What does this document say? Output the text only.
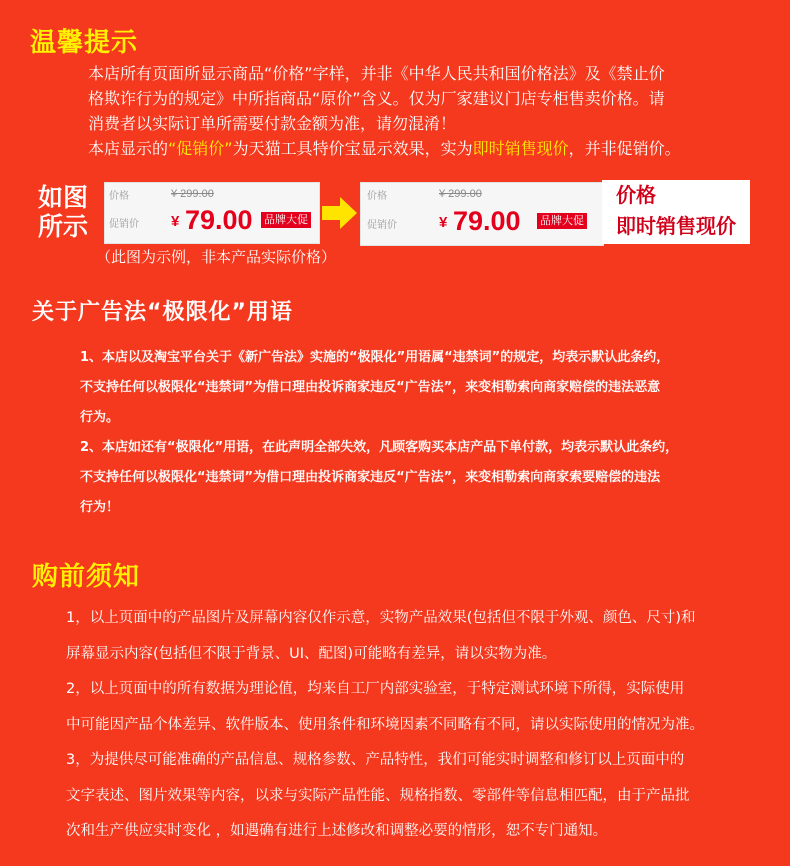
温馨提示
本店所有页面所显示商品“价格”字样，并非《中华人民共和国价格法》及《禁止价
格欺诈行为的规定》中所指商品“原价”含义。仅为厂家建议门店专柜售卖价格。请
消费者以实际订单所需要付款金额为准，请勿混淆！
本店显示的“促销价”为天猫工具特价宝显示效果，实为即时销售现价，并非促销价。
如图
所示
价格	¥ 299.00
促销价 ¥ 79.00 品牌大促
价格	¥ 299.00
促销价	¥ 79.00 品牌大促
价格
即时销售现价
（此图为示例，非本产品实际价格）
关于广告法“极限化”用语
1、本店以及淘宝平台关于《新广告法》实施的“极限化”用语属“违禁词”的规定，均表示默认此条约，
不支持任何以极限化“违禁词”为借口理由投诉商家违反“广告法”，来变相勒索向商家赔偿的违法恶意
行为。
2、本店如还有“极限化”用语，在此声明全部失效，凡顾客购买本店产品下单付款，均表示默认此条约，
不支持任何以极限化“违禁词”为借口理由投诉商家违反“广告法”，来变相勒索向商家索要赔偿的违法
行为！
购前须知
1，以上页面中的产品图片及屏幕内容仅作示意，实物产品效果(包括但不限于外观、颜色、尺寸)和
屏幕显示内容(包括但不限于背景、UI、配图)可能略有差异，请以实物为准。
2，以上页面中的所有数据为理论值，均来自工厂内部实验室，于特定测试环境下所得，实际使用
中可能因产品个体差异、软件版本、使用条件和环境因素不同略有不同，请以实际使用的情况为准。
3，为提供尽可能准确的产品信息、规格参数、产品特性，我们可能实时调整和修订以上页面中的
文字表述、图片效果等内容，以求与实际产品性能、规格指数、零部件等信息相匹配，由于产品批
次和生产供应实时变化 ，如遇确有进行上述修改和调整必要的情形，恕不专门通知。
